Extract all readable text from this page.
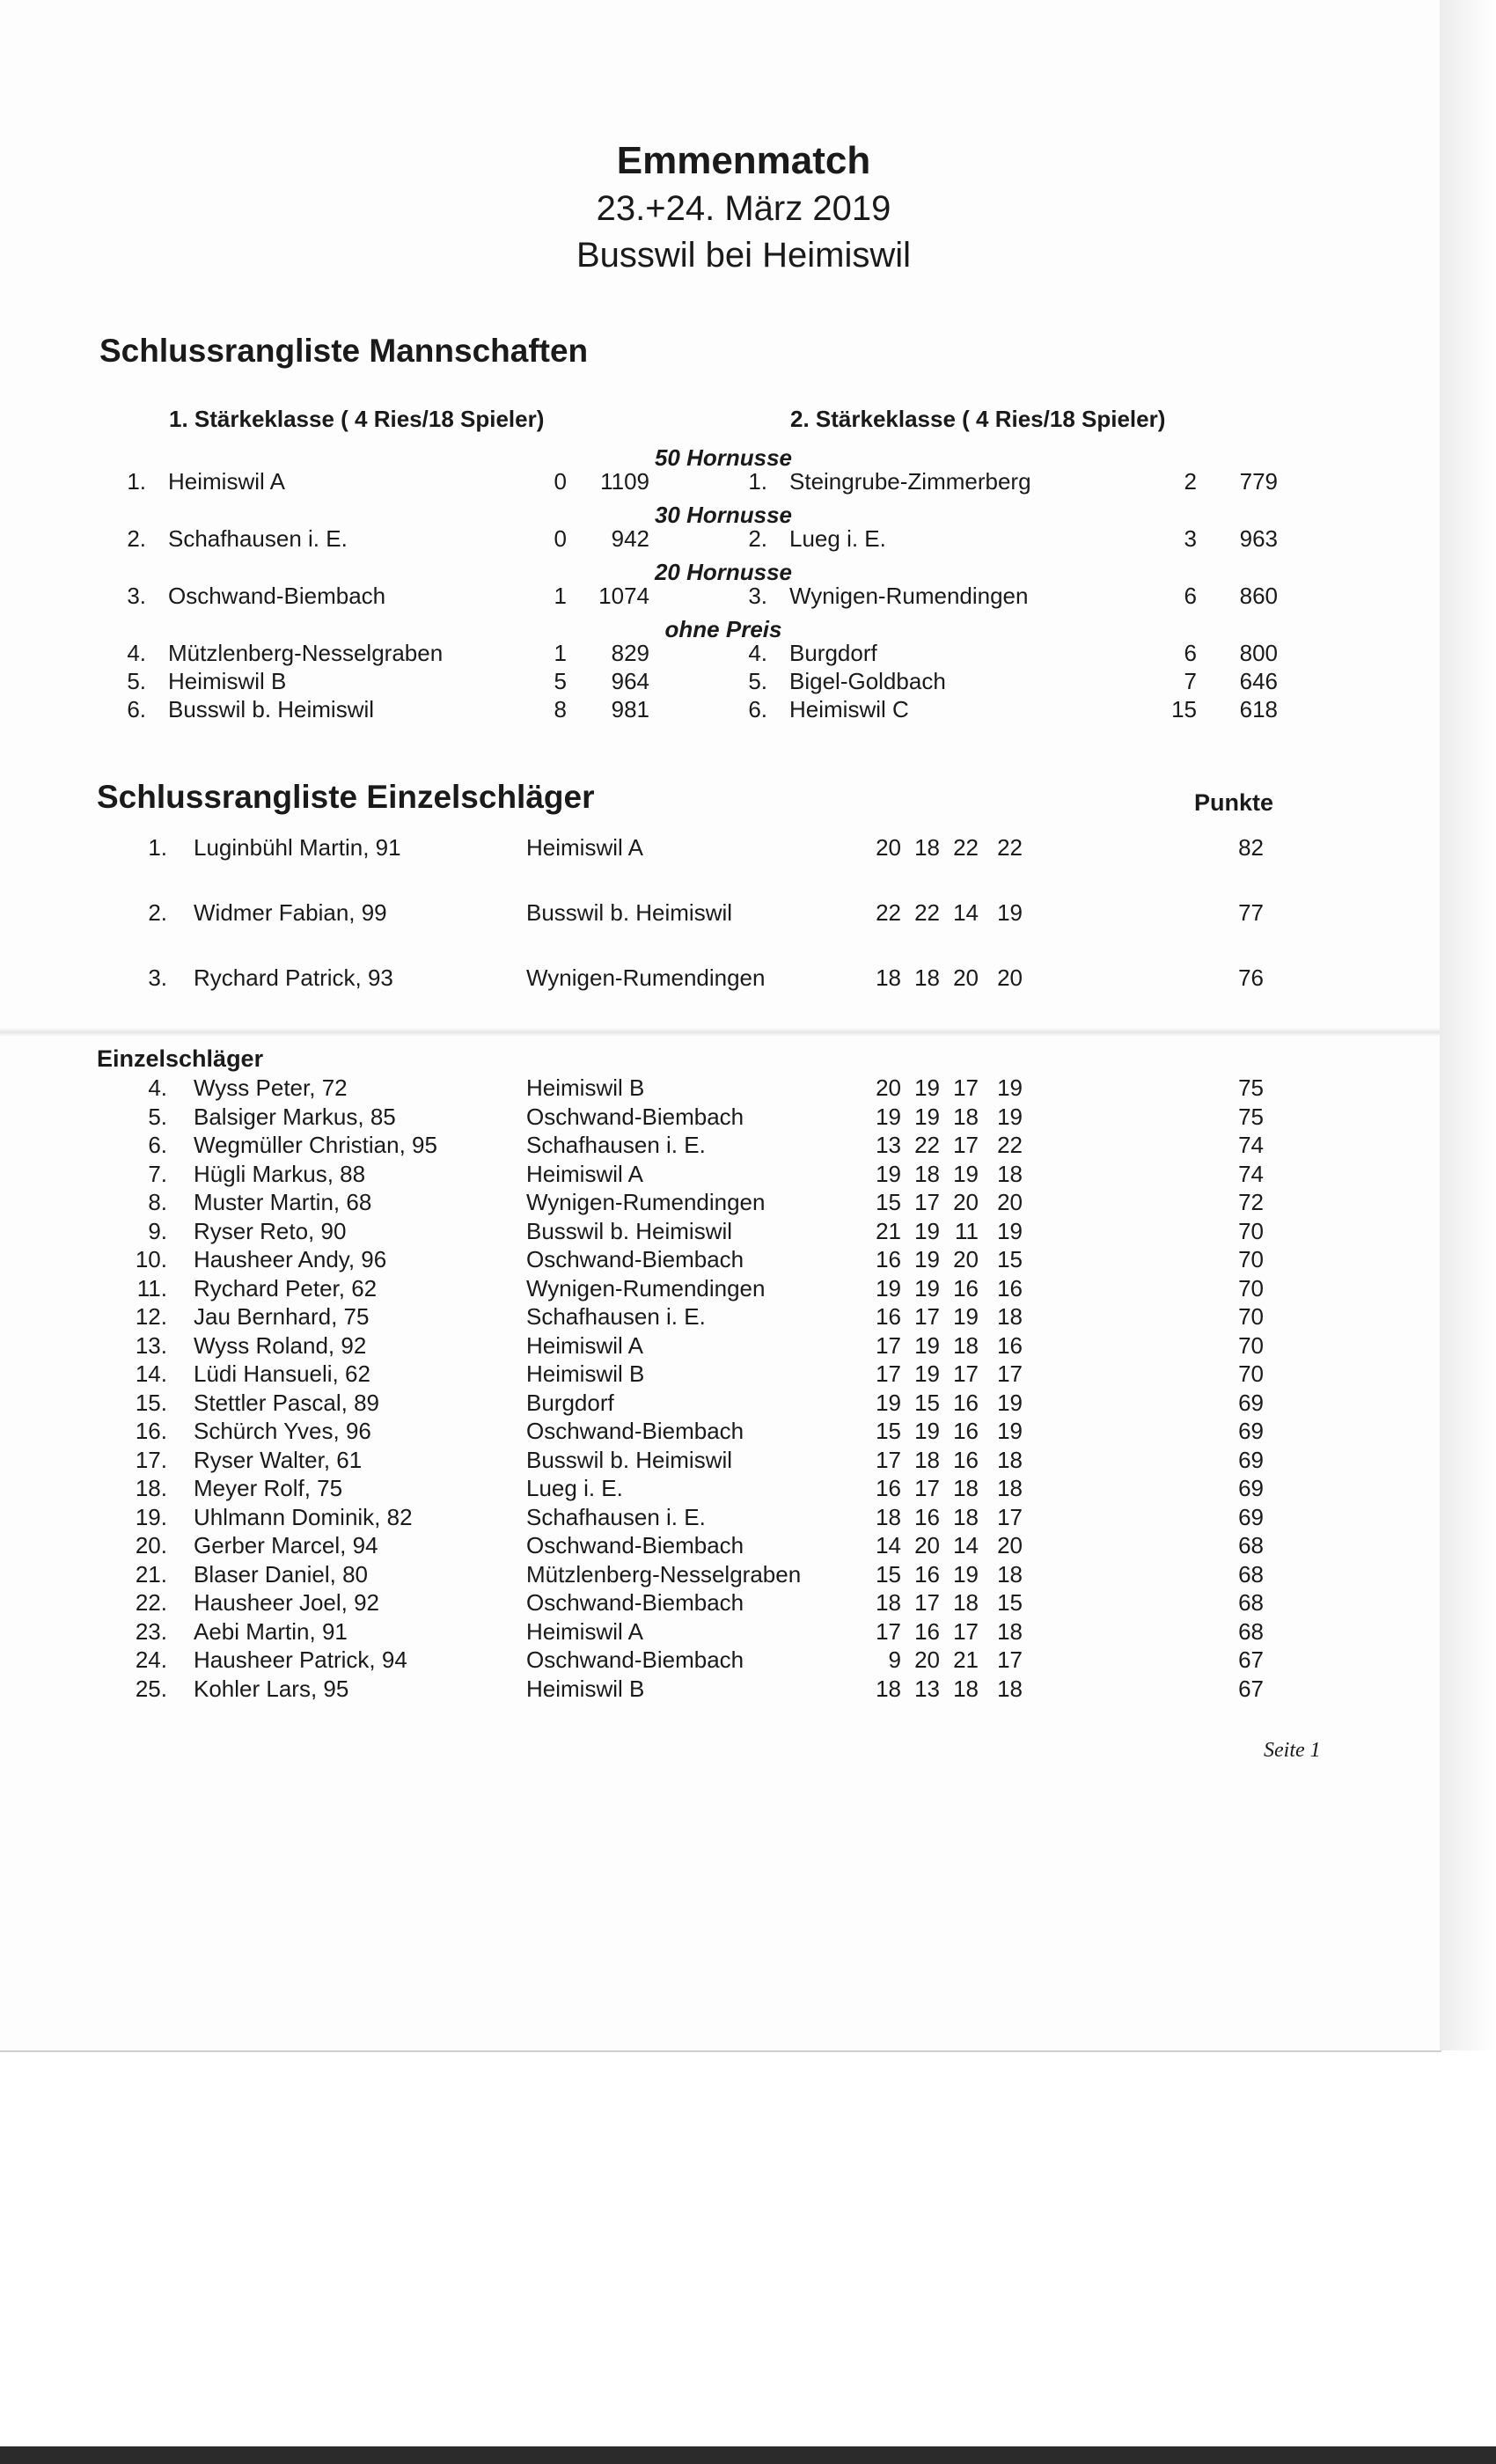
Emmenmatch
23.+24. März 2019
Busswil bei Heimiswil
Schlussrangliste Mannschaften
1. Stärkeklasse ( 4 Ries/18 Spieler)	2. Stärkeklasse ( 4 Ries/18 Spieler)
50 Hornusse
30 Hornusse
20 Hornusse
ohne Preis
1. Heimiswil A	0	1109	1. Steingrube-Zimmerberg	2	779
2. Schafhausen i. E.	0	942	2. Lueg i. E.	3	963
3. Oschwand-Biembach	1	1074	3. Wynigen-Rumendingen	6	860
4. Mützlenberg-Nesselgraben	1	829	4. Burgdorf	6	800
5. Heimiswil B	5	964	5. Bigel-Goldbach	7	646
6. Busswil b. Heimiswil	8	981	6. Heimiswil C	15	618
Schlussrangliste Einzelschläger	Punkte
1. Luginbühl Martin, 91	Heimiswil A	20 18 22 22	82
2. Widmer Fabian, 99	Busswil b. Heimiswil	22 22 14 19	77
3. Rychard Patrick, 93	Wynigen-Rumendingen	18 18 20 20	76
Einzelschläger
4. Wyss Peter, 72	Heimiswil B	20 19 17 19	75
5. Balsiger Markus, 85	Oschwand-Biembach	19 19 18 19	75
6. Wegmüller Christian, 95	Schafhausen i. E.	13 22 17 22	74
7. Hügli Markus, 88	Heimiswil A	19 18 19 18	74
8. Muster Martin, 68	Wynigen-Rumendingen	15 17 20 20	72
9. Ryser Reto, 90	Busswil b. Heimiswil	21 19 11 19	70
10. Hausheer Andy, 96	Oschwand-Biembach	16 19 20 15	70
11. Rychard Peter, 62	Wynigen-Rumendingen	19 19 16 16	70
12. Jau Bernhard, 75	Schafhausen i. E.	16 17 19 18	70
13. Wyss Roland, 92	Heimiswil A	17 19 18 16	70
14. Lüdi Hansueli, 62	Heimiswil B	17 19 17 17	70
15. Stettler Pascal, 89	Burgdorf	19 15 16 19	69
16. Schürch Yves, 96	Oschwand-Biembach	15 19 16 19	69
17. Ryser Walter, 61	Busswil b. Heimiswil	17 18 16 18	69
18. Meyer Rolf, 75	Lueg i. E.	16 17 18 18	69
19. Uhlmann Dominik, 82	Schafhausen i. E.	18 16 18 17	69
20. Gerber Marcel, 94	Oschwand-Biembach	14 20 14 20	68
21. Blaser Daniel, 80	Mützlenberg-Nesselgraben	15 16 19 18	68
22. Hausheer Joel, 92	Oschwand-Biembach	18 17 18 15	68
23. Aebi Martin, 91	Heimiswil A	17 16 17 18	68
24. Hausheer Patrick, 94	Oschwand-Biembach	9 20 21 17	67
25. Kohler Lars, 95	Heimiswil B	18 13 18 18	67
Seite 1
